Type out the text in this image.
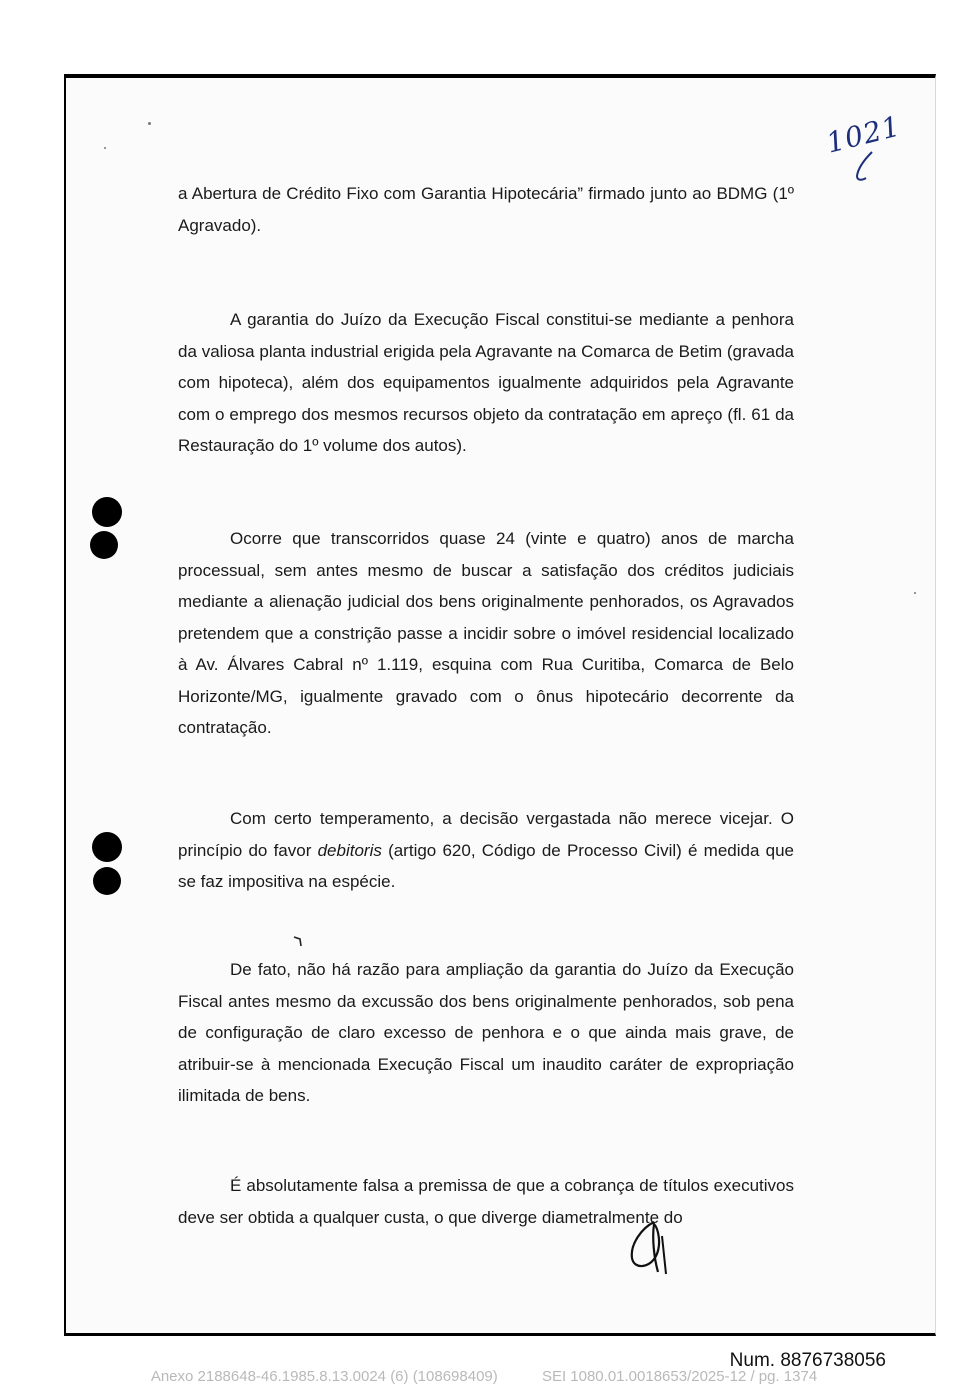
1021

a Abertura de Crédito Fixo com Garantia Hipotecária” firmado junto ao BDMG (1º Agravado).

A garantia do Juízo da Execução Fiscal constitui-se mediante a penhora da valiosa planta industrial erigida pela Agravante na Comarca de Betim (gravada com hipoteca), além dos equipamentos igualmente adquiridos pela Agravante com o emprego dos mesmos recursos objeto da contratação em apreço (fl. 61 da Restauração do 1º volume dos autos).

Ocorre que transcorridos quase 24 (vinte e quatro) anos de marcha processual, sem antes mesmo de buscar a satisfação dos créditos judiciais mediante a alienação judicial dos bens originalmente penhorados, os Agravados pretendem que a constrição passe a incidir sobre o imóvel residencial localizado à Av. Álvares Cabral nº 1.119, esquina com Rua Curitiba, Comarca de Belo Horizonte/MG, igualmente gravado com o ônus hipotecário decorrente da contratação.

Com certo temperamento, a decisão vergastada não merece vicejar. O princípio do favor debitoris (artigo 620, Código de Processo Civil) é medida que se faz impositiva na espécie.

De fato, não há razão para ampliação da garantia do Juízo da Execução Fiscal antes mesmo da excussão dos bens originalmente penhorados, sob pena de configuração de claro excesso de penhora e o que ainda mais grave, de atribuir-se à mencionada Execução Fiscal um inaudito caráter de expropriação ilimitada de bens.

É absolutamente falsa a premissa de que a cobrança de títulos executivos deve ser obtida a qualquer custa, o que diverge diametralmente do

Num. 8876738056
Anexo 2188648-46.1985.8.13.0024 (6) (108698409)	SEI 1080.01.0018653/2025-12 / pg. 1374
